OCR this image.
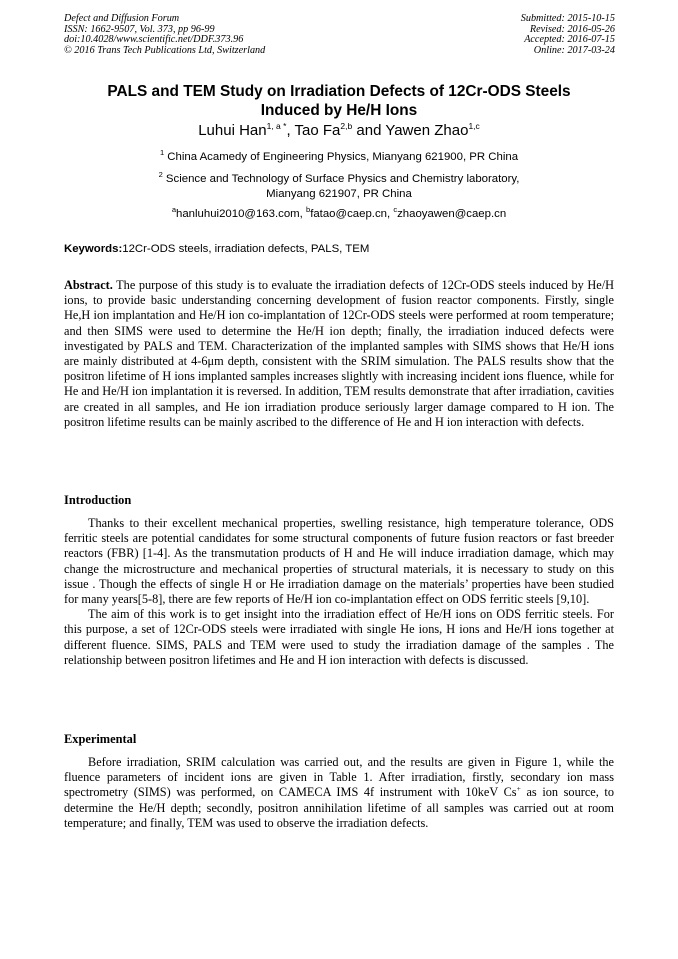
Defect and Diffusion Forum
ISSN: 1662-9507, Vol. 373, pp 96-99
doi:10.4028/www.scientific.net/DDF.373.96
© 2016 Trans Tech Publications Ltd, Switzerland
Submitted: 2015-10-15
Revised: 2016-05-26
Accepted: 2016-07-15
Online: 2017-03-24
PALS and TEM Study on Irradiation Defects of 12Cr-ODS Steels
Induced by He/H Ions
Luhui Han$^{1, a *}$, Tao Fa$^{2,b}$ and Yawen Zhao$^{1,c}$
$^1$ China Acamedy of Engineering Physics, Mianyang 621900, PR China
$^2$ Science and Technology of Surface Physics and Chemistry laboratory,
Mianyang 621907, PR China
$^a$hanluhui2010@163.com, $^b$fatao@caep.cn, $^c$zhaoyawen@caep.cn
Keywords:12Cr-ODS steels, irradiation defects, PALS, TEM

Abstract. The purpose of this study is to evaluate the irradiation defects of 12Cr-ODS steels induced by He/H ions, to provide basic understanding concerning development of fusion reactor components. Firstly, single He,H ion implantation and He/H ion co-implantation of 12Cr-ODS steels were performed at room temperature; and then SIMS were used to determine the He/H ion depth; finally, the irradiation induced defects were investigated by PALS and TEM. Characterization of the implanted samples with SIMS shows that He/H ions are mainly distributed at 4-6μm depth, consistent with the SRIM simulation. The PALS results show that the positron lifetime of H ions implanted samples increases slightly with increasing incident ions fluence, while for He and He/H ion implantation it is reversed. In addition, TEM results demonstrate that after irradiation, cavities are created in all samples, and He ion irradiation produce seriously larger damage compared to H ion. The positron lifetime results can be mainly ascribed to the difference of He and H ion interaction with defects.

Introduction

Thanks to their excellent mechanical properties, swelling resistance, high temperature tolerance, ODS ferritic steels are potential candidates for some structural components of future fusion reactors or fast breeder reactors (FBR) [1-4]. As the transmutation products of H and He will induce irradiation damage, which may change the microstructure and mechanical properties of structural materials, it is necessary to study on this issue . Though the effects of single H or He irradiation damage on the materials’ properties have been studied for many years[5-8], there are few reports of He/H ion co-implantation effect on ODS ferritic steels [9,10].

The aim of this work is to get insight into the irradiation effect of He/H ions on ODS ferritic steels. For this purpose, a set of 12Cr-ODS steels were irradiated with single He ions, H ions and He/H ions together at different fluence. SIMS, PALS and TEM were used to study the irradiation damage of the samples . The relationship between positron lifetimes and He and H ion interaction with defects is discussed.

Experimental

Before irradiation, SRIM calculation was carried out, and the results are given in Figure 1, while the fluence parameters of incident ions are given in Table 1. After irradiation, firstly, secondary ion mass spectrometry (SIMS) was performed, on CAMECA IMS 4f instrument with 10keV Cs+ as ion source, to determine the He/H depth; secondly, positron annihilation lifetime of all samples was carried out at room temperature; and finally, TEM was used to observe the irradiation defects.
